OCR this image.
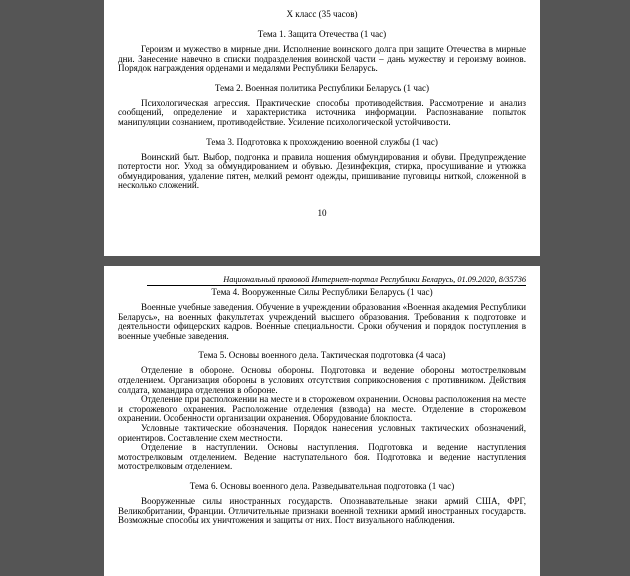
X класс (35 часов)

Тема 1. Защита Отечества (1 час)

Героизм и мужество в мирные дни. Исполнение воинского долга при защите Отечества в мирные дни. Занесение навечно в списки подразделения воинской части – дань мужеству и героизму воинов. Порядок награждения орденами и медалями Республики Беларусь.

Тема 2. Военная политика Республики Беларусь (1 час)

Психологическая агрессия. Практические способы противодействия. Рассмотрение и анализ сообщений, определение и характеристика источника информации. Распознавание попыток манипуляции сознанием, противодействие. Усиление психологической устойчивости.

Тема 3. Подготовка к прохождению военной службы (1 час)

Воинский быт. Выбор, подгонка и правила ношения обмундирования и обуви. Предупреждение потертости ног. Уход за обмундированием и обувью. Дезинфекция, стирка, просушивание и утюжка обмундирования, удаление пятен, мелкий ремонт одежды, пришивание пуговицы ниткой, сложенной в несколько сложений.

10

Национальный правовой Интернет-портал Республики Беларусь, 01.09.2020, 8/35736

Тема 4. Вооруженные Силы Республики Беларусь (1 час)

Военные учебные заведения. Обучение в учреждении образования «Военная академия Республики Беларусь», на военных факультетах учреждений высшего образования. Требования к подготовке и деятельности офицерских кадров. Военные специальности. Сроки обучения и порядок поступления в военные учебные заведения.

Тема 5. Основы военного дела. Тактическая подготовка (4 часа)

Отделение в обороне. Основы обороны. Подготовка и ведение обороны мотострелковым отделением. Организация обороны в условиях отсутствия соприкосновения с противником. Действия солдата, командира отделения в обороне.

Отделение при расположении на месте и в сторожевом охранении. Основы расположения на месте и сторожевого охранения. Расположение отделения (взвода) на месте. Отделение в сторожевом охранении. Особенности организации охранения. Оборудование блокпоста.

Условные тактические обозначения. Порядок нанесения условных тактических обозначений, ориентиров. Составление схем местности.

Отделение в наступлении. Основы наступления. Подготовка и ведение наступления мотострелковым отделением. Ведение наступательного боя. Подготовка и ведение наступления мотострелковым отделением.

Тема 6. Основы военного дела. Разведывательная подготовка (1 час)

Вооруженные силы иностранных государств. Опознавательные знаки армий США, ФРГ, Великобритании, Франции. Отличительные признаки военной техники армий иностранных государств. Возможные способы их уничтожения и защиты от них. Пост визуального наблюдения.
